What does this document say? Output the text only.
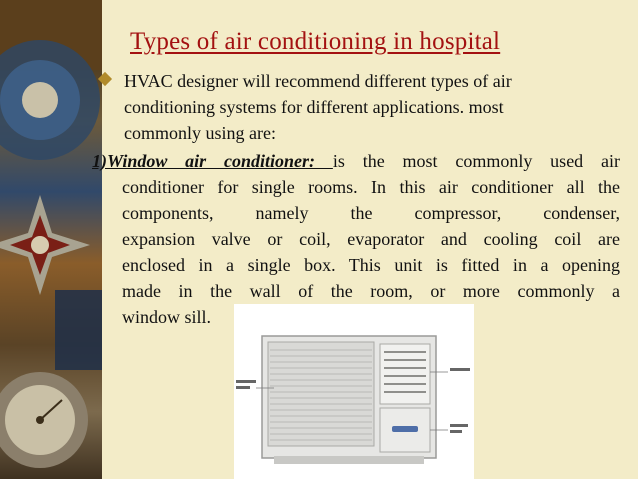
Types of air conditioning in hospital
HVAC designer will recommend different types of air
conditioning systems for different applications. most
commonly using are:
1)Window air conditioner: is the most commonly used air
conditioner for single rooms. In this air conditioner all the
components, namely the compressor, condenser,
expansion valve or coil, evaporator and cooling coil are
enclosed in a single box. This unit is fitted in a opening
made in the wall of the room, or more commonly a
window sill.
